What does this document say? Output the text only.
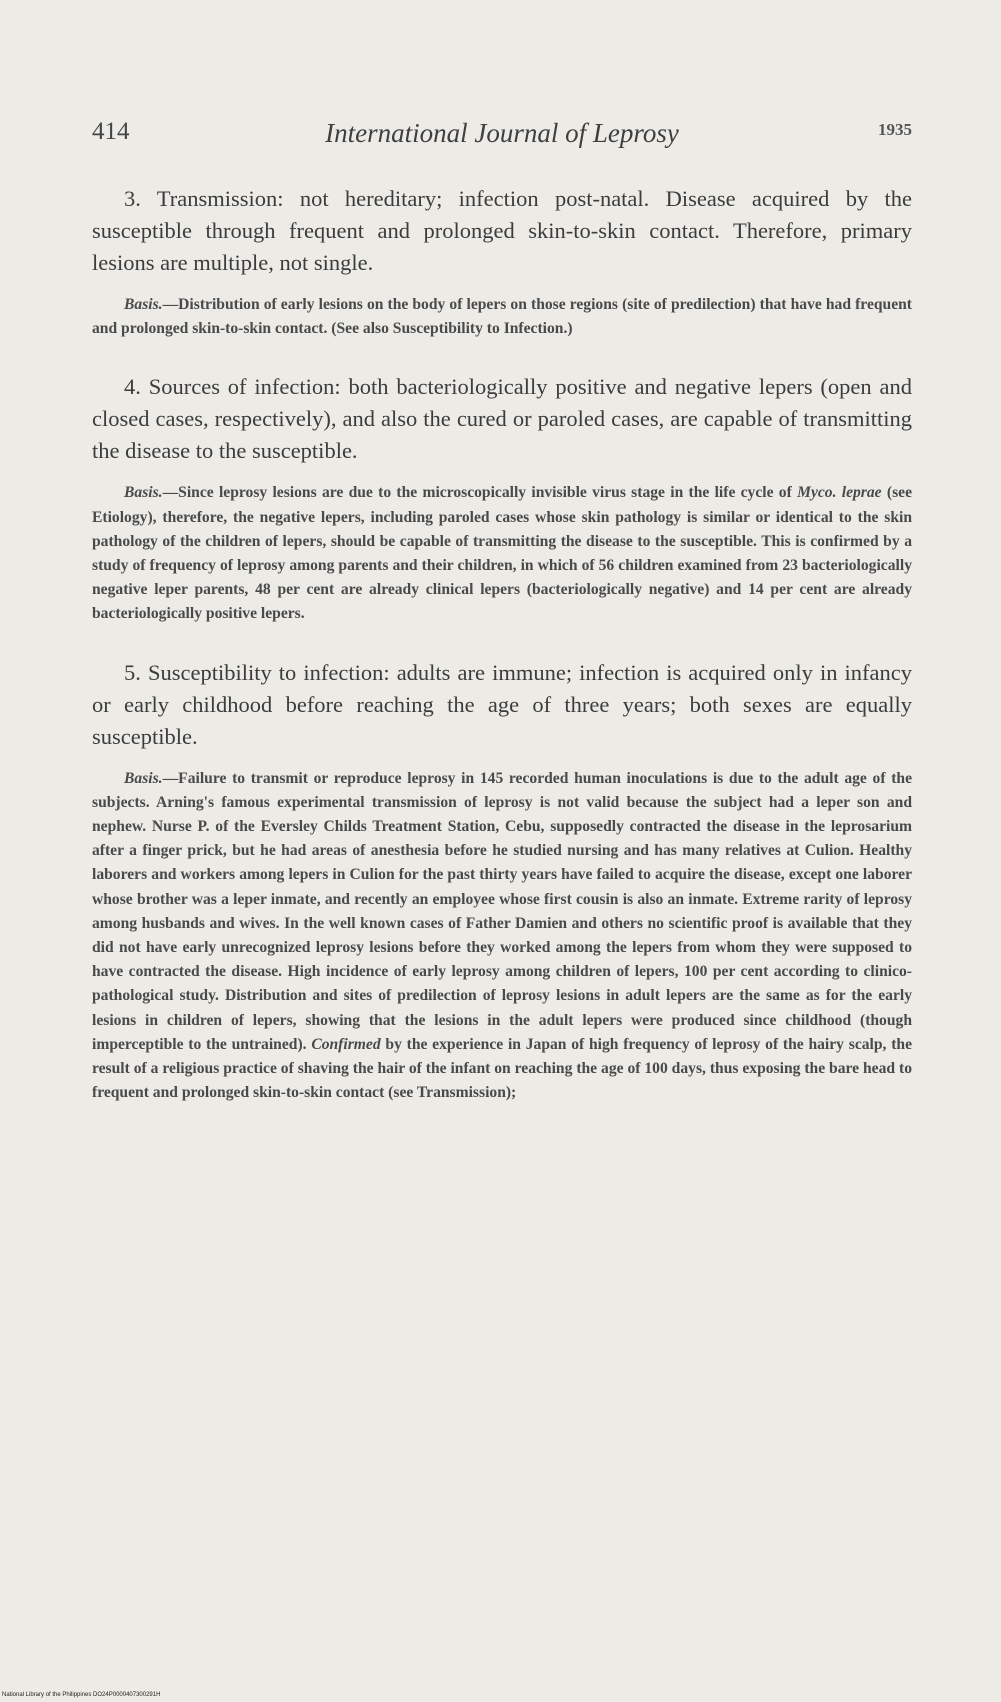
414	International Journal of Leprosy	1935

3. Transmission: not hereditary; infection post-natal. Disease acquired by the susceptible through frequent and prolonged skin-to-skin contact. Therefore, primary lesions are multiple, not single.

Basis.—Distribution of early lesions on the body of lepers on those regions (site of predilection) that have had frequent and prolonged skin-to-skin contact. (See also Susceptibility to Infection.)

4. Sources of infection: both bacteriologically positive and negative lepers (open and closed cases, respectively), and also the cured or paroled cases, are capable of transmitting the disease to the susceptible.

Basis.—Since leprosy lesions are due to the microscopically invisible virus stage in the life cycle of Myco. leprae (see Etiology), therefore, the negative lepers, including paroled cases whose skin pathology is similar or identical to the skin pathology of the children of lepers, should be capable of transmitting the disease to the susceptible. This is confirmed by a study of frequency of leprosy among parents and their children, in which of 56 children examined from 23 bacteriologically negative leper parents, 48 per cent are already clinical lepers (bacteriologically negative) and 14 per cent are already bacteriologically positive lepers.

5. Susceptibility to infection: adults are immune; infection is acquired only in infancy or early childhood before reaching the age of three years; both sexes are equally susceptible.

Basis.—Failure to transmit or reproduce leprosy in 145 recorded human inoculations is due to the adult age of the subjects. Arning's famous experimental transmission of leprosy is not valid because the subject had a leper son and nephew. Nurse P. of the Eversley Childs Treatment Station, Cebu, supposedly contracted the disease in the leprosarium after a finger prick, but he had areas of anesthesia before he studied nursing and has many relatives at Culion. Healthy laborers and workers among lepers in Culion for the past thirty years have failed to acquire the disease, except one laborer whose brother was a leper inmate, and recently an employee whose first cousin is also an inmate. Extreme rarity of leprosy among husbands and wives. In the well known cases of Father Damien and others no scientific proof is available that they did not have early unrecognized leprosy lesions before they worked among the lepers from whom they were supposed to have contracted the disease. High incidence of early leprosy among children of lepers, 100 per cent according to clinico-pathological study. Distribution and sites of predilection of leprosy lesions in adult lepers are the same as for the early lesions in children of lepers, showing that the lesions in the adult lepers were produced since childhood (though imperceptible to the untrained). Confirmed by the experience in Japan of high frequency of leprosy of the hairy scalp, the result of a religious practice of shaving the hair of the infant on reaching the age of 100 days, thus exposing the bare head to frequent and prolonged skin-to-skin contact (see Transmission);

National Library of the Philippines DO24P0000407300291H
